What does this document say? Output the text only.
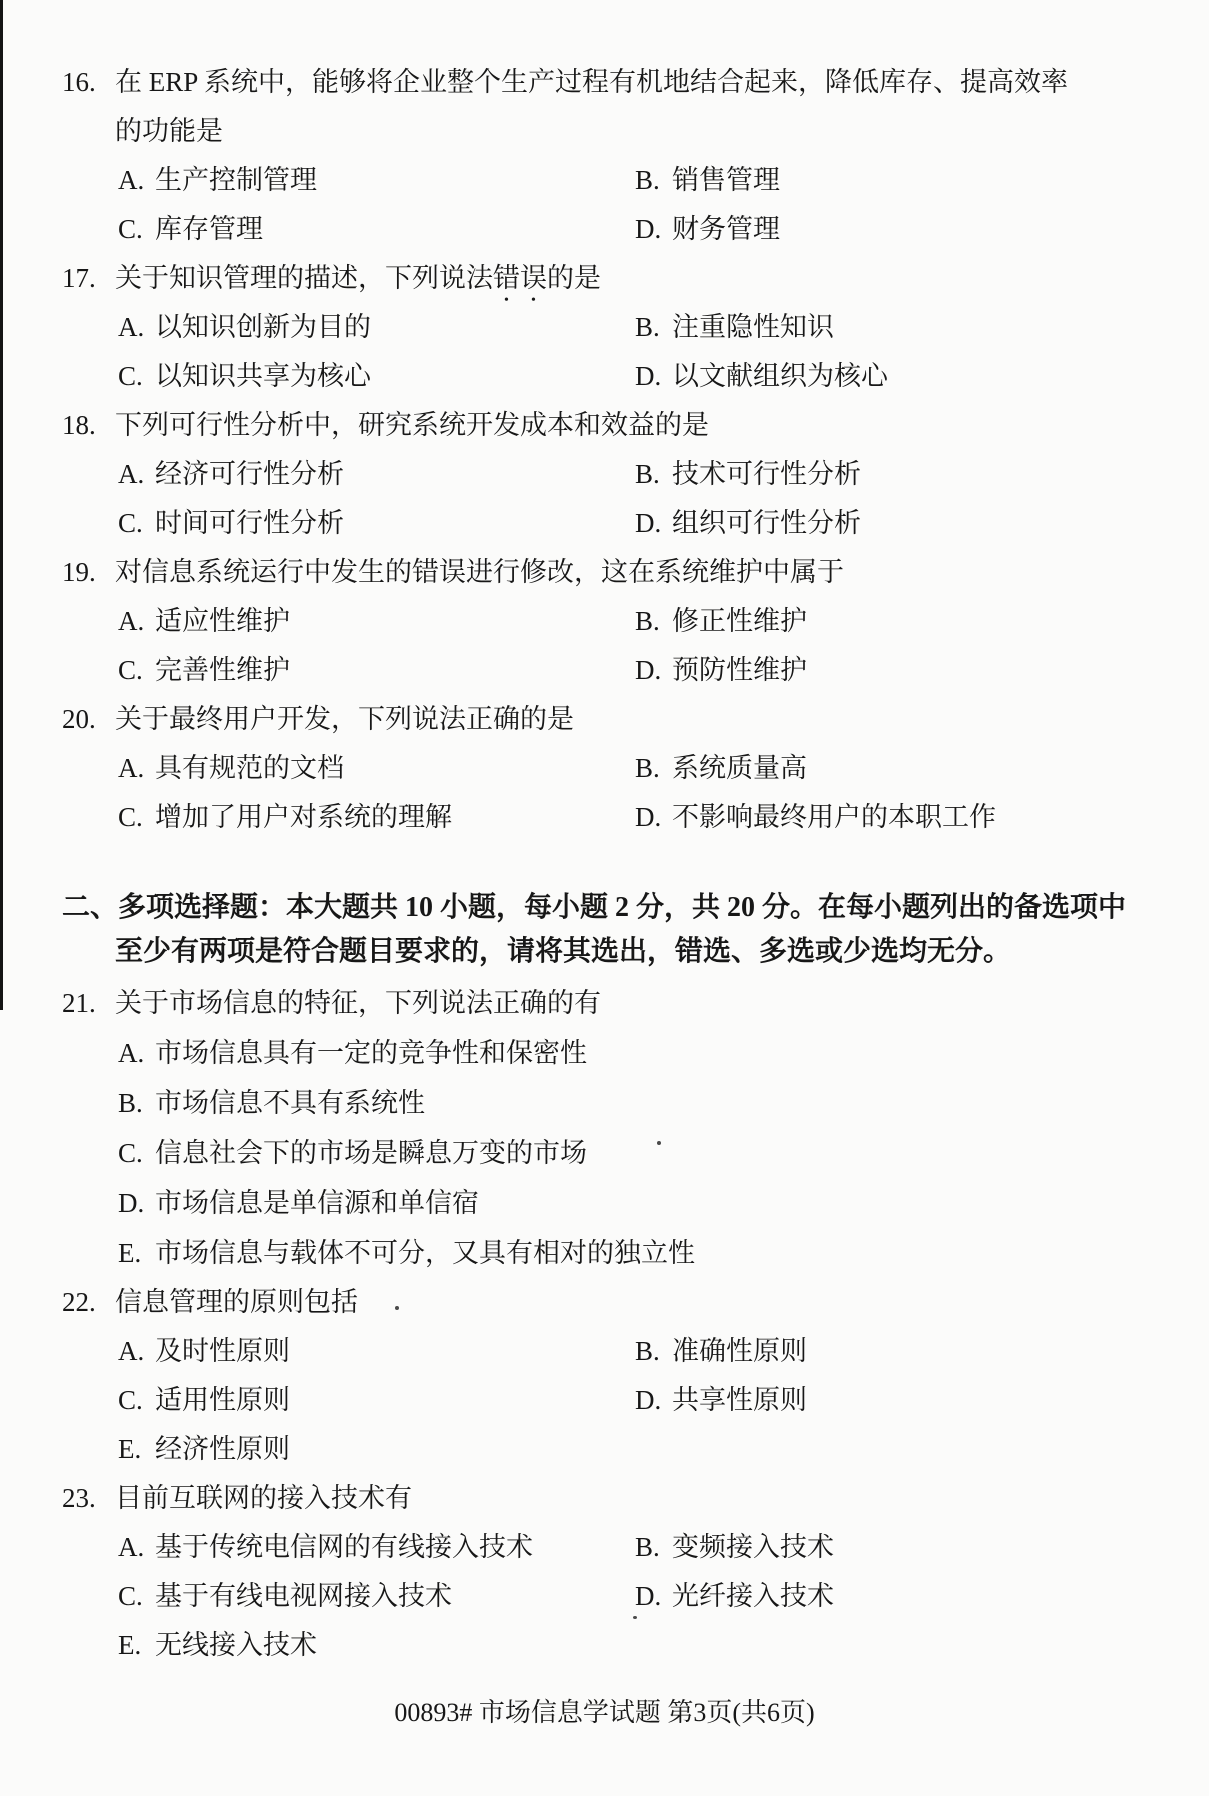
16. 在 ERP 系统中，能够将企业整个生产过程有机地结合起来，降低库存、提高效率
的功能是
A. 生产控制管理	B. 销售管理
C. 库存管理	D. 财务管理
17. 关于知识管理的描述，下列说法错误的是
A. 以知识创新为目的	B. 注重隐性知识
C. 以知识共享为核心	D. 以文献组织为核心
18. 下列可行性分析中，研究系统开发成本和效益的是
A. 经济可行性分析	B. 技术可行性分析
C. 时间可行性分析	D. 组织可行性分析
19. 对信息系统运行中发生的错误进行修改，这在系统维护中属于
A. 适应性维护	B. 修正性维护
C. 完善性维护	D. 预防性维护
20. 关于最终用户开发，下列说法正确的是
A. 具有规范的文档	B. 系统质量高
C. 增加了用户对系统的理解	D. 不影响最终用户的本职工作
二、 多项选择题：本大题共 10 小题，每小题 2 分，共 20 分。在每小题列出的备选项中
至少有两项是符合题目要求的，请将其选出，错选、多选或少选均无分。
21. 关于市场信息的特征，下列说法正确的有
A. 市场信息具有一定的竞争性和保密性
B. 市场信息不具有系统性
C. 信息社会下的市场是瞬息万变的市场
D. 市场信息是单信源和单信宿
E. 市场信息与载体不可分，又具有相对的独立性
22. 信息管理的原则包括
A. 及时性原则	B. 准确性原则
C. 适用性原则	D. 共享性原则
E. 经济性原则
23. 目前互联网的接入技术有
A. 基于传统电信网的有线接入技术	B. 变频接入技术
C. 基于有线电视网接入技术	D. 光纤接入技术
E. 无线接入技术
00893# 市场信息学试题 第3页(共6页)
